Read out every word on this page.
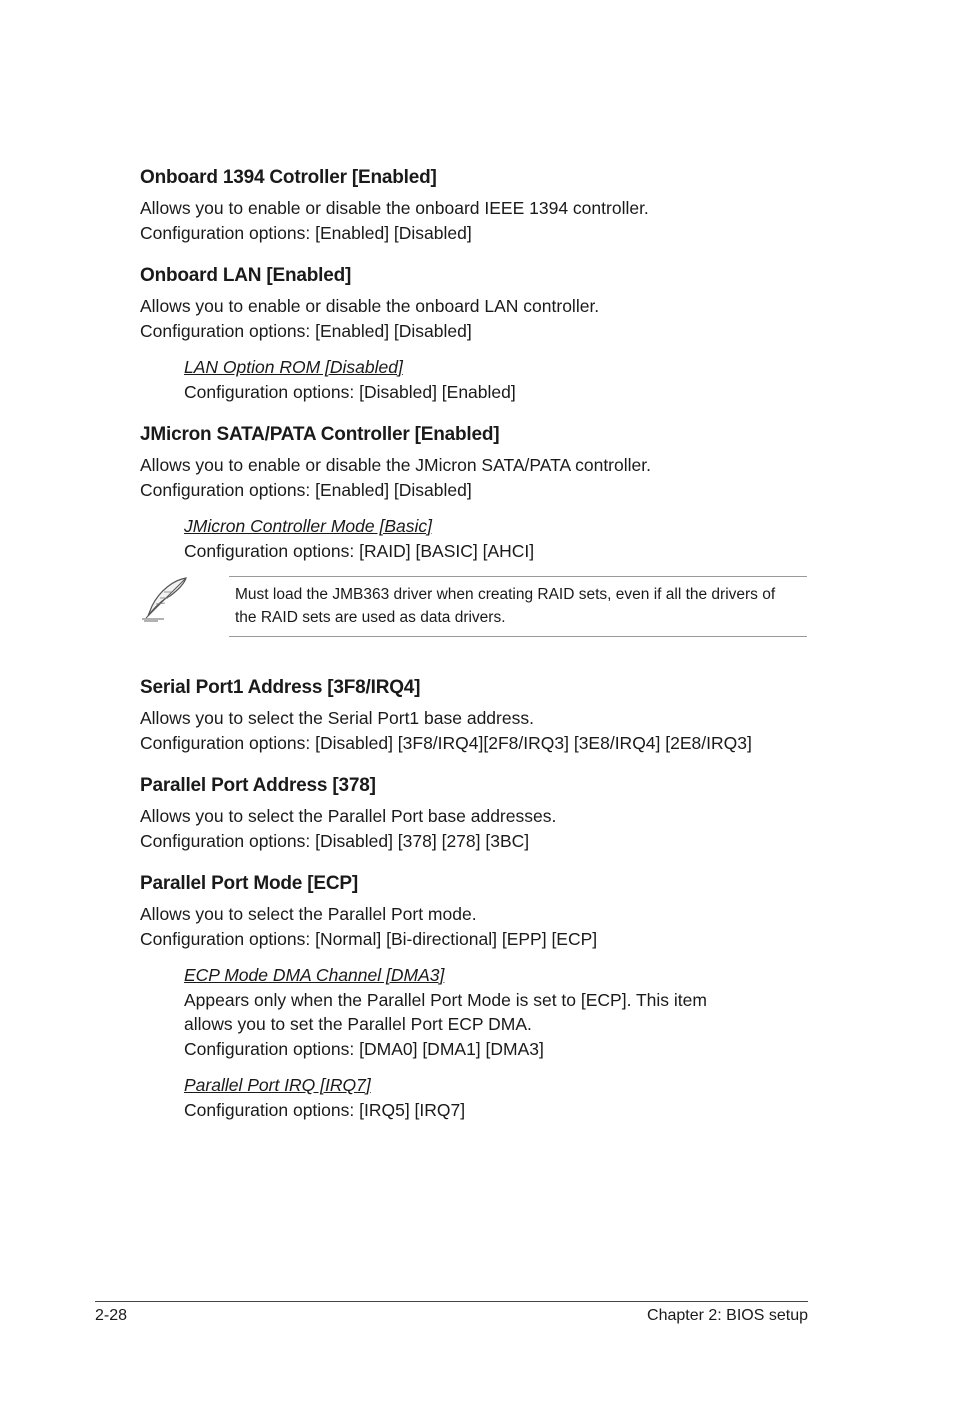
Onboard 1394 Cotroller [Enabled]

Allows you to enable or disable the onboard IEEE 1394 controller.

Configuration options: [Enabled] [Disabled]

Onboard LAN [Enabled]

Allows you to enable or disable the onboard LAN controller.

Configuration options: [Enabled] [Disabled]

LAN Option ROM [Disabled]
Configuration options: [Disabled] [Enabled]
JMicron SATA/PATA Controller [Enabled]

Allows you to enable or disable the JMicron SATA/PATA controller.

Configuration options: [Enabled] [Disabled]

JMicron Controller Mode [Basic]
Configuration options: [RAID] [BASIC] [AHCI]
Must load the JMB363 driver when creating RAID sets, even if all the drivers of
the RAID sets are used as data drivers.
Serial Port1 Address [3F8/IRQ4]

Allows you to select the Serial Port1 base address.

Configuration options: [Disabled] [3F8/IRQ4][2F8/IRQ3] [3E8/IRQ4] [2E8/IRQ3]

Parallel Port Address [378]

Allows you to select the Parallel Port base addresses.

Configuration options: [Disabled] [378] [278] [3BC]

Parallel Port Mode [ECP]

Allows you to select the Parallel Port mode.

Configuration options: [Normal] [Bi-directional] [EPP] [ECP]

ECP Mode DMA Channel [DMA3]
Appears only when the Parallel Port Mode is set to [ECP]. This item
allows you to set the Parallel Port ECP DMA.
Configuration options: [DMA0] [DMA1] [DMA3]
Parallel Port IRQ [IRQ7]
Configuration options: [IRQ5] [IRQ7]
2-28	Chapter 2: BIOS setup
